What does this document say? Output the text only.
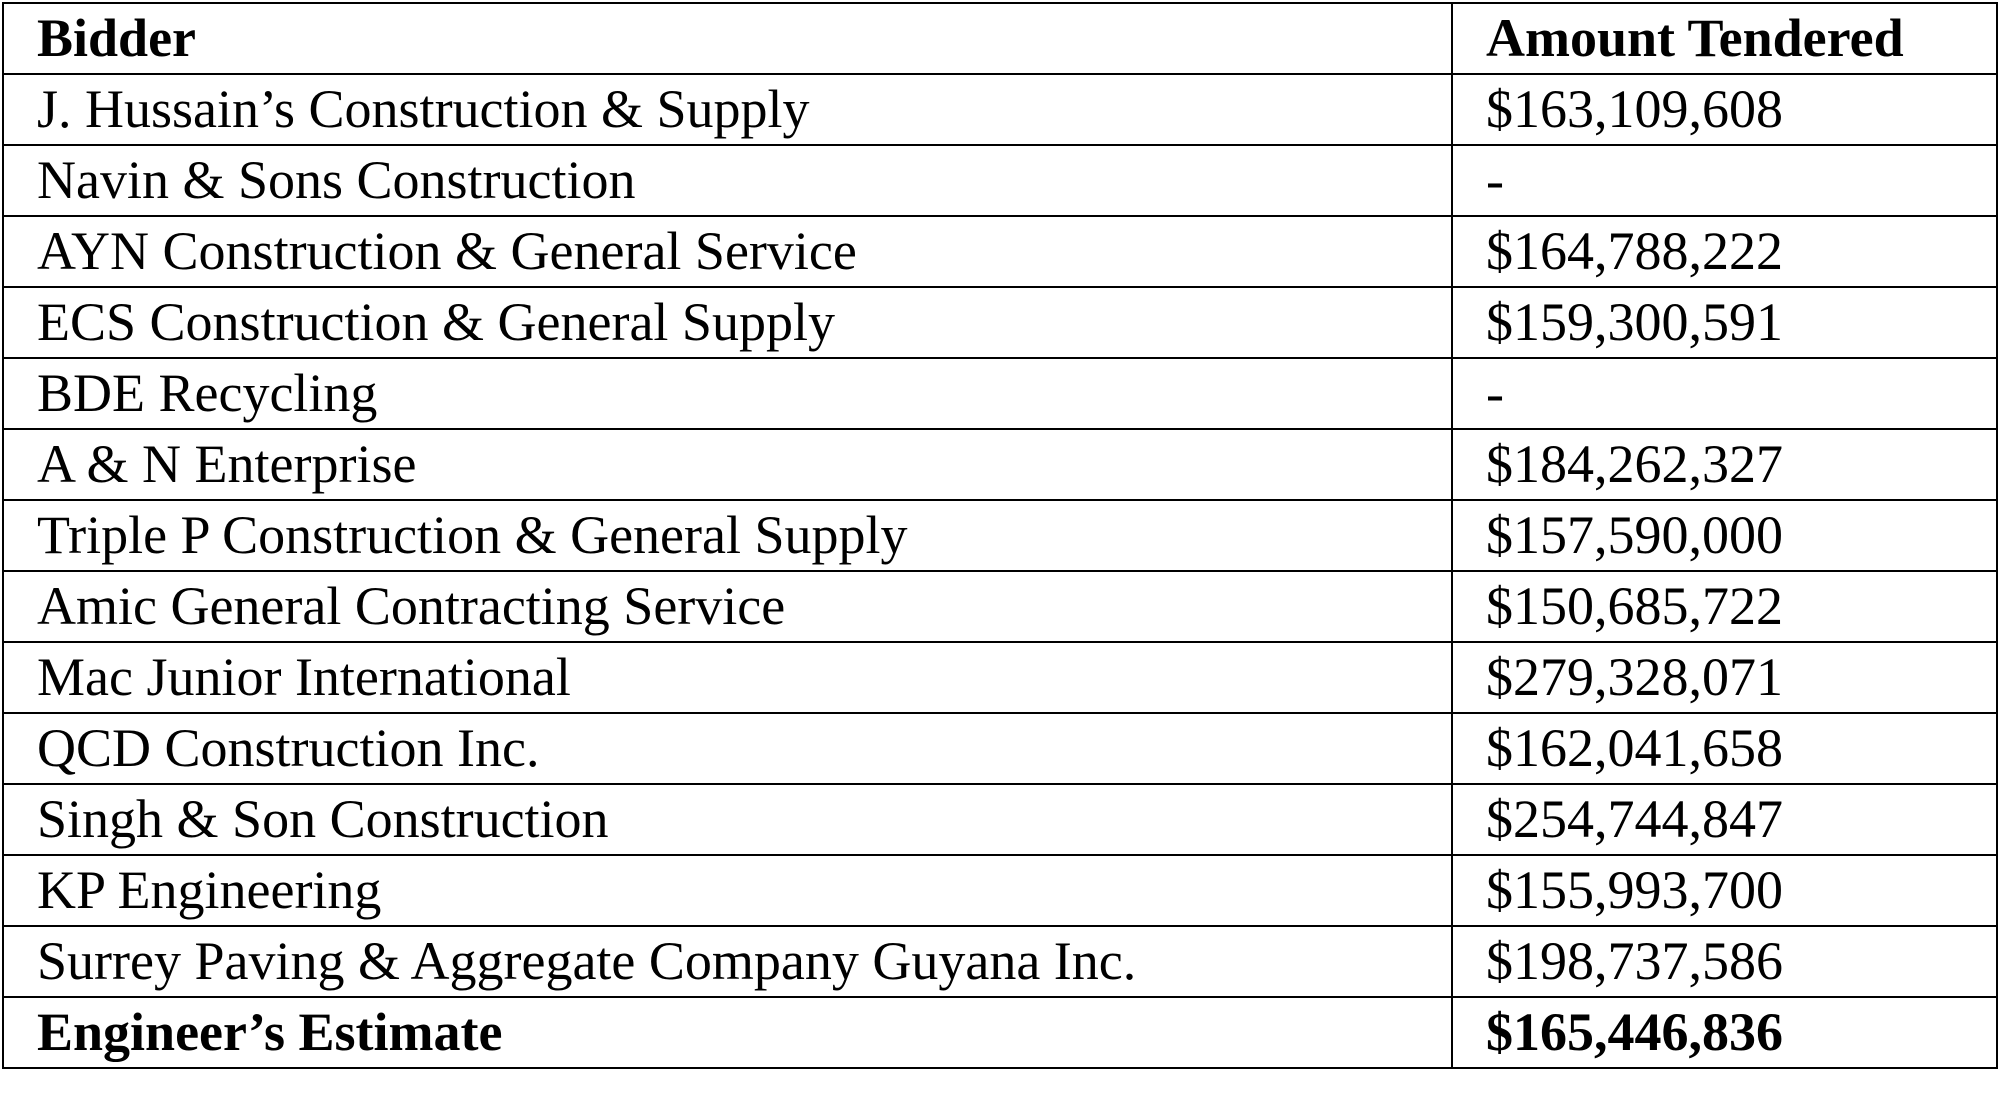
Bidder	Amount Tendered
J. Hussain’s Construction & Supply	$163,109,608
Navin & Sons Construction	-
AYN Construction & General Service	$164,788,222
ECS Construction & General Supply	$159,300,591
BDE Recycling	-
A & N Enterprise	$184,262,327
Triple P Construction & General Supply	$157,590,000
Amic General Contracting Service	$150,685,722
Mac Junior International	$279,328,071
QCD Construction Inc.	$162,041,658
Singh & Son Construction	$254,744,847
KP Engineering	$155,993,700
Surrey Paving & Aggregate Company Guyana Inc.	$198,737,586
Engineer’s Estimate	$165,446,836
